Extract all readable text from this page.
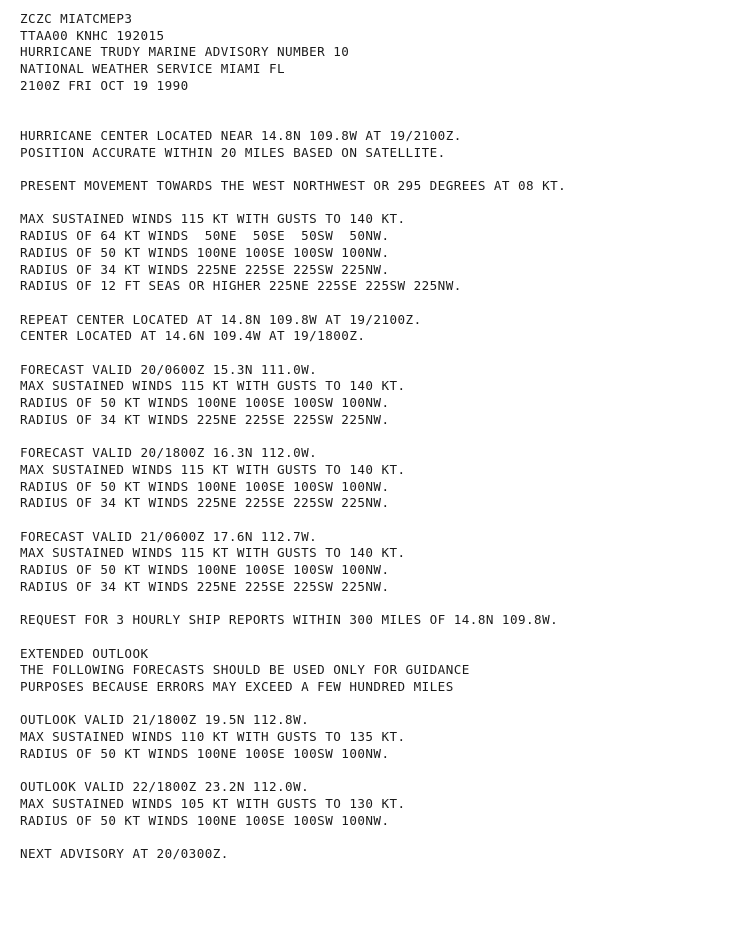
ZCZC MIATCMEP3
TTAA00 KNHC 192015
HURRICANE TRUDY MARINE ADVISORY NUMBER 10
NATIONAL WEATHER SERVICE MIAMI FL
2100Z FRI OCT 19 1990
HURRICANE CENTER LOCATED NEAR 14.8N 109.8W AT 19/2100Z.
POSITION ACCURATE WITHIN 20 MILES BASED ON SATELLITE.
PRESENT MOVEMENT TOWARDS THE WEST NORTHWEST OR 295 DEGREES AT 08 KT.
MAX SUSTAINED WINDS 115 KT WITH GUSTS TO 140 KT.
RADIUS OF 64 KT WINDS  50NE  50SE  50SW  50NW.
RADIUS OF 50 KT WINDS 100NE 100SE 100SW 100NW.
RADIUS OF 34 KT WINDS 225NE 225SE 225SW 225NW.
RADIUS OF 12 FT SEAS OR HIGHER 225NE 225SE 225SW 225NW.
REPEAT CENTER LOCATED AT 14.8N 109.8W AT 19/2100Z.
CENTER LOCATED AT 14.6N 109.4W AT 19/1800Z.
FORECAST VALID 20/0600Z 15.3N 111.0W.
MAX SUSTAINED WINDS 115 KT WITH GUSTS TO 140 KT.
RADIUS OF 50 KT WINDS 100NE 100SE 100SW 100NW.
RADIUS OF 34 KT WINDS 225NE 225SE 225SW 225NW.
FORECAST VALID 20/1800Z 16.3N 112.0W.
MAX SUSTAINED WINDS 115 KT WITH GUSTS TO 140 KT.
RADIUS OF 50 KT WINDS 100NE 100SE 100SW 100NW.
RADIUS OF 34 KT WINDS 225NE 225SE 225SW 225NW.
FORECAST VALID 21/0600Z 17.6N 112.7W.
MAX SUSTAINED WINDS 115 KT WITH GUSTS TO 140 KT.
RADIUS OF 50 KT WINDS 100NE 100SE 100SW 100NW.
RADIUS OF 34 KT WINDS 225NE 225SE 225SW 225NW.
REQUEST FOR 3 HOURLY SHIP REPORTS WITHIN 300 MILES OF 14.8N 109.8W.
EXTENDED OUTLOOK
THE FOLLOWING FORECASTS SHOULD BE USED ONLY FOR GUIDANCE
PURPOSES BECAUSE ERRORS MAY EXCEED A FEW HUNDRED MILES
OUTLOOK VALID 21/1800Z 19.5N 112.8W.
MAX SUSTAINED WINDS 110 KT WITH GUSTS TO 135 KT.
RADIUS OF 50 KT WINDS 100NE 100SE 100SW 100NW.
OUTLOOK VALID 22/1800Z 23.2N 112.0W.
MAX SUSTAINED WINDS 105 KT WITH GUSTS TO 130 KT.
RADIUS OF 50 KT WINDS 100NE 100SE 100SW 100NW.
NEXT ADVISORY AT 20/0300Z.
